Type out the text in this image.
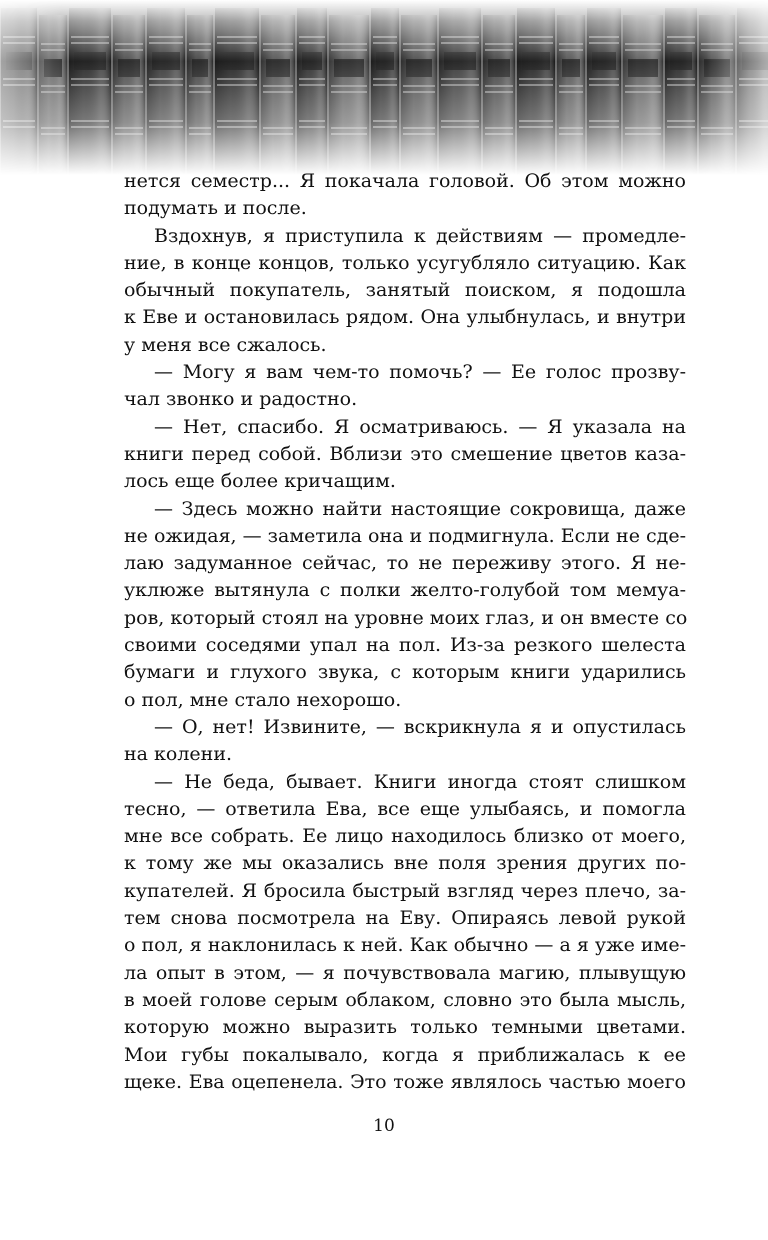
нется семестр... Я покачала головой. Об этом можно
подумать и после.
Вздохнув, я приступила к действиям — промедле-
ние, в конце концов, только усугубляло ситуацию. Как
обычный покупатель, занятый поиском, я подошла
к Еве и остановилась рядом. Она улыбнулась, и внутри
у меня все сжалось.
— Могу я вам чем-то помочь? — Ее голос прозву-
чал звонко и радостно.
— Нет, спасибо. Я осматриваюсь. — Я указала на
книги перед собой. Вблизи это смешение цветов каза-
лось еще более кричащим.
— Здесь можно найти настоящие сокровища, даже
не ожидая, — заметила она и подмигнула. Если не сде-
лаю задуманное сейчас, то не переживу этого. Я не-
уклюже вытянула с полки желто-голубой том мемуа-
ров, который стоял на уровне моих глаз, и он вместе со
своими соседями упал на пол. Из-за резкого шелеста
бумаги и глухого звука, с которым книги ударились
о пол, мне стало нехорошо.
— О, нет! Извините, — вскрикнула я и опустилась
на колени.
— Не беда, бывает. Книги иногда стоят слишком
тесно, — ответила Ева, все еще улыбаясь, и помогла
мне все собрать. Ее лицо находилось близко от моего,
к тому же мы оказались вне поля зрения других по-
купателей. Я бросила быстрый взгляд через плечо, за-
тем снова посмотрела на Еву. Опираясь левой рукой
о пол, я наклонилась к ней. Как обычно — а я уже име-
ла опыт в этом, — я почувствовала магию, плывущую
в моей голове серым облаком, словно это была мысль,
которую можно выразить только темными цветами.
Мои губы покалывало, когда я приближалась к ее
щеке. Ева оцепенела. Это тоже являлось частью моего
10
